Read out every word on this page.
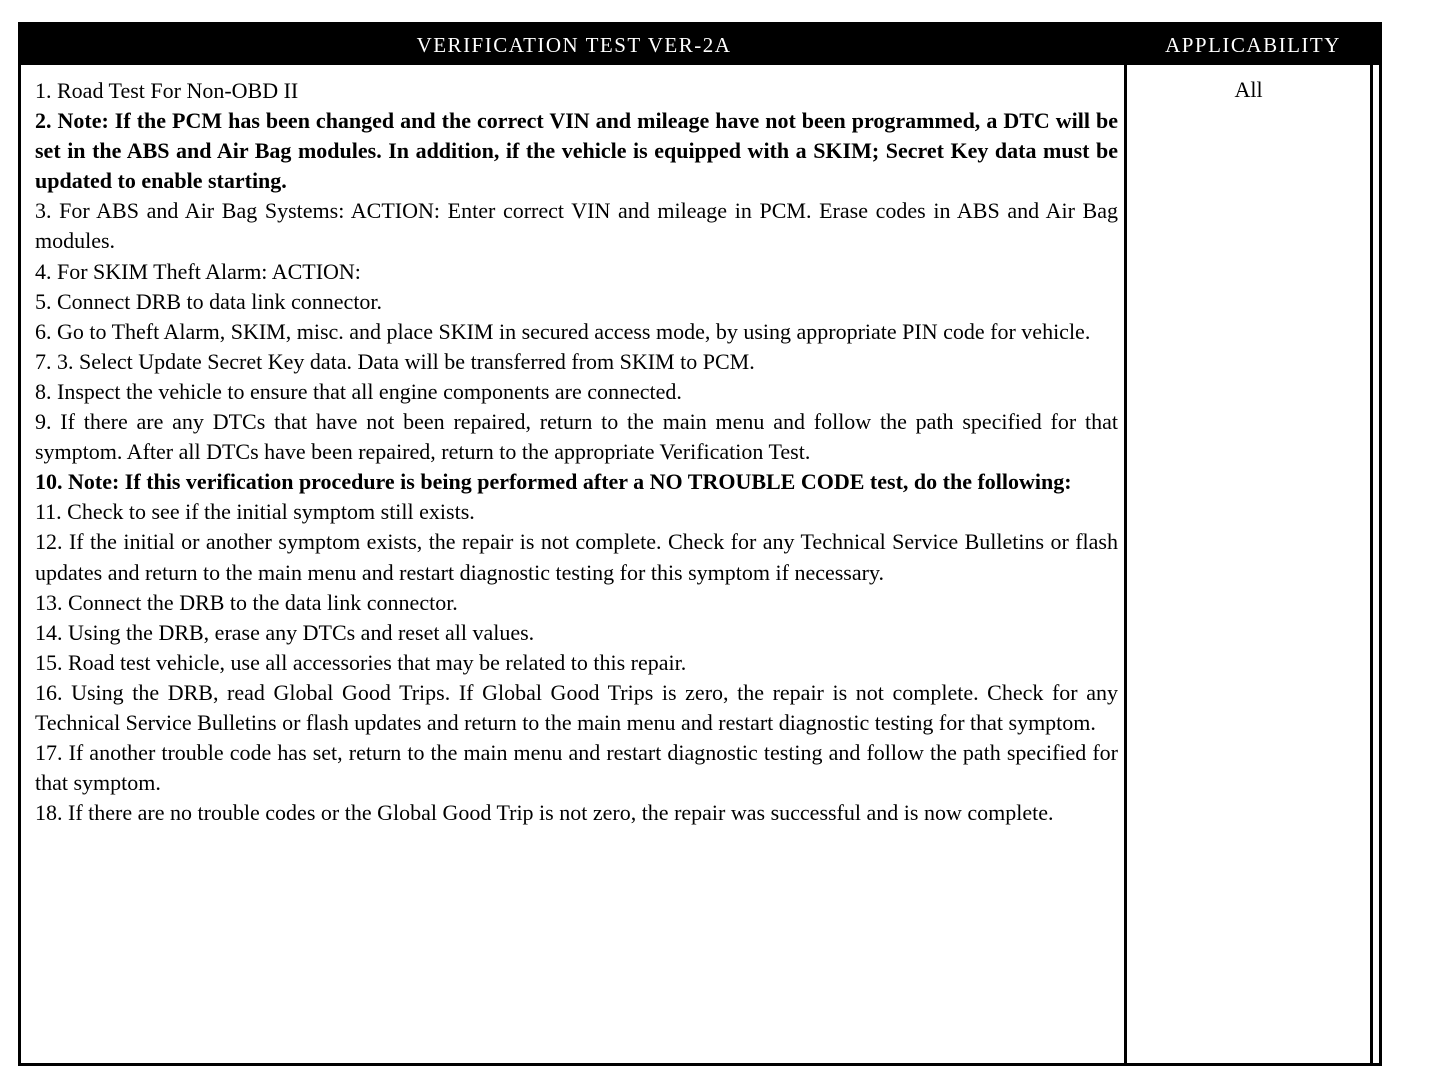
VERIFICATION TEST VER-2A	APPLICABILITY

1. Road Test For Non-OBD II

2. Note: If the PCM has been changed and the correct VIN and mileage have not been programmed, a DTC will be set in the ABS and Air Bag modules. In addition, if the vehicle is equipped with a SKIM; Secret Key data must be updated to enable starting.

3. For ABS and Air Bag Systems: ACTION: Enter correct VIN and mileage in PCM. Erase codes in ABS and Air Bag modules.

4. For SKIM Theft Alarm: ACTION:

5. Connect DRB to data link connector.

6. Go to Theft Alarm, SKIM, misc. and place SKIM in secured access mode, by using appropriate PIN code for vehicle.

7. 3. Select Update Secret Key data. Data will be transferred from SKIM to PCM.

8. Inspect the vehicle to ensure that all engine components are connected.

9. If there are any DTCs that have not been repaired, return to the main menu and follow the path specified for that symptom. After all DTCs have been repaired, return to the appropriate Verification Test.

10. Note: If this verification procedure is being performed after a NO TROUBLE CODE test, do the following:

11. Check to see if the initial symptom still exists.

12. If the initial or another symptom exists, the repair is not complete. Check for any Technical Service Bulletins or flash updates and return to the main menu and restart diagnostic testing for this symptom if necessary.

13. Connect the DRB to the data link connector.

14. Using the DRB, erase any DTCs and reset all values.

15. Road test vehicle, use all accessories that may be related to this repair.

16. Using the DRB, read Global Good Trips. If Global Good Trips is zero, the repair is not complete. Check for any Technical Service Bulletins or flash updates and return to the main menu and restart diagnostic testing for that symptom.

17. If another trouble code has set, return to the main menu and restart diagnostic testing and follow the path specified for that symptom.

18. If there are no trouble codes or the Global Good Trip is not zero, the repair was successful and is now complete.

All
